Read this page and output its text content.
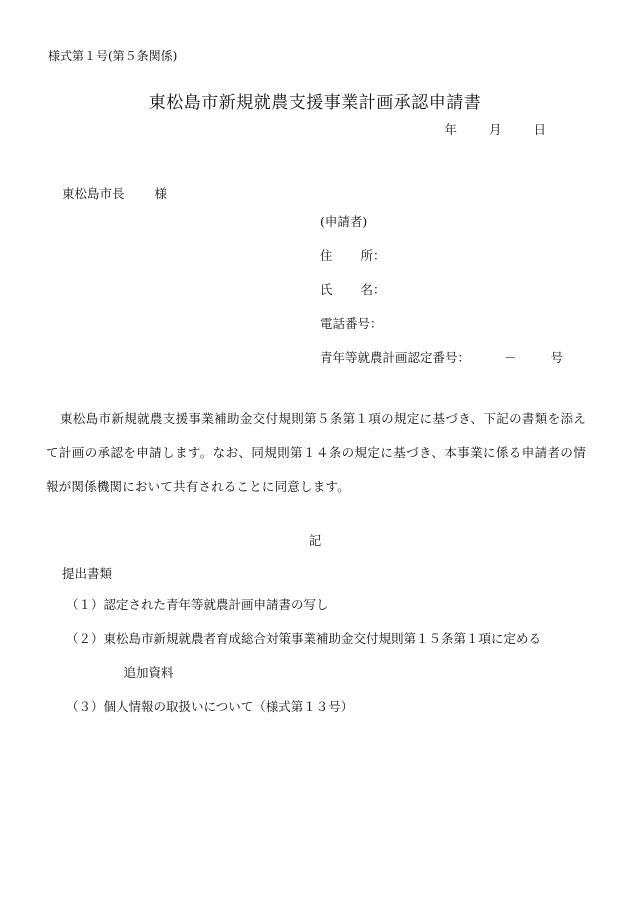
様式第１号(第５条関係)
東松島市新規就農支援事業計画承認申請書
年	月	日
東松島市長 様
(申請者)
住 所：
氏 名：
電話番号：
青年等就農計画認定番号：	－	号

東松島市新規就農支援事業補助金交付規則第５条第１項の規定に基づき、下記の書類を添えて計画の承認を申請します。なお、同規則第１４条の規定に基づき、本事業に係る申請者の情報が関係機関において共有されることに同意します。

記
提出書類
（１） 認定された青年等就農計画申請書の写し
（２） 東松島市新規就農者育成総合対策事業補助金交付規則第１５条第１項に定める
追加資料
（３） 個人情報の取扱いについて（様式第１３号）
